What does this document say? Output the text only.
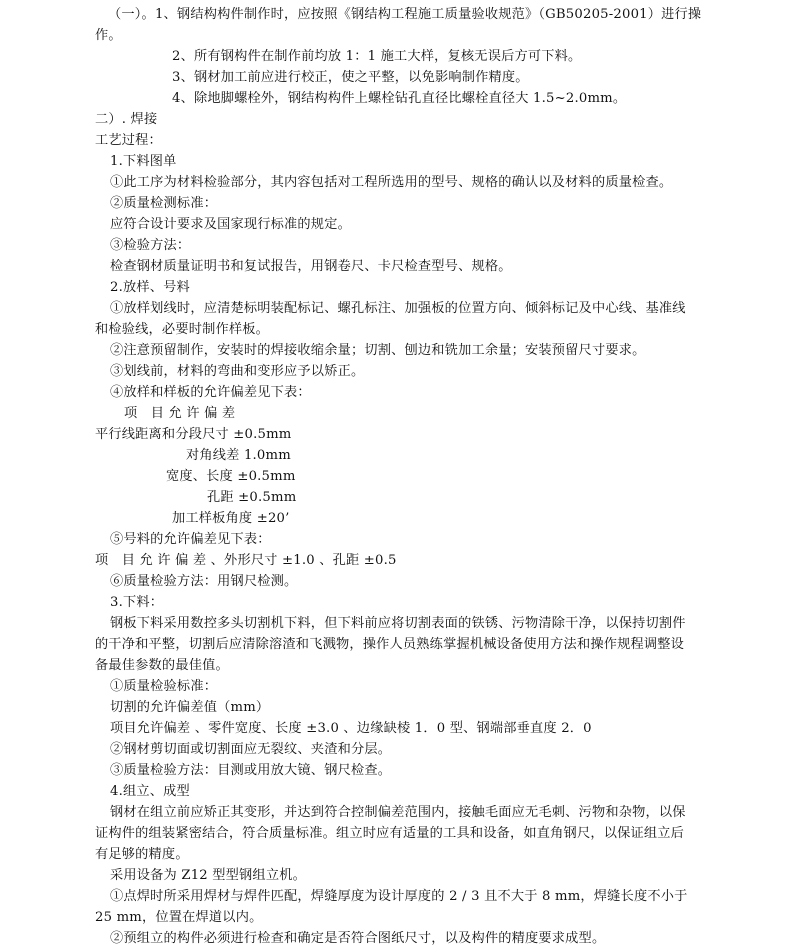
（一）。1、钢结构构件制作时，应按照《钢结构工程施工质量验收规范》（GB50205-2001）进行操
作。
2、所有钢构件在制作前均放 1：1 施工大样，复核无误后方可下料。
3、钢材加工前应进行校正，使之平整，以免影响制作精度。
4、除地脚螺栓外，钢结构构件上螺栓钻孔直径比螺栓直径大 1.5~2.0mm。
二）. 焊接
工艺过程：
1.下料图单
①此工序为材料检验部分，其内容包括对工程所选用的型号、规格的确认以及材料的质量检查。
②质量检测标准：
应符合设计要求及国家现行标准的规定。
③检验方法：
检查钢材质量证明书和复试报告，用钢卷尺、卡尺检查型号、规格。
2.放样、号料
①放样划线时，应清楚标明装配标记、螺孔标注、加强板的位置方向、倾斜标记及中心线、基准线
和检验线，必要时制作样板。
②注意预留制作，安装时的焊接收缩余量；切割、刨边和铣加工余量；安装预留尺寸要求。
③划线前，材料的弯曲和变形应予以矫正。
④放样和样板的允许偏差见下表：
项　目 允 许 偏 差
平行线距离和分段尺寸 ±0.5mm
对角线差 1.0mm
宽度、长度 ±0.5mm
孔距 ±0.5mm
加工样板角度 ±20’
⑤号料的允许偏差见下表：
项　目 允 许 偏 差 、外形尺寸 ±1.0 、孔距 ±0.5
⑥质量检验方法：用钢尺检测。
3.下料：
钢板下料采用数控多头切割机下料，但下料前应将切割表面的铁锈、污物清除干净，以保持切割件
的干净和平整，切割后应清除溶渣和飞溅物，操作人员熟练掌握机械设备使用方法和操作规程调整设
备最佳参数的最佳值。
①质量检验标准：
切割的允许偏差值（mm）
项目允许偏差 、零件宽度、长度 ±3.0 、边缘缺棱 1．0 型、钢端部垂直度 2．0
②钢材剪切面或切割面应无裂纹、夹渣和分层。
③质量检验方法：目测或用放大镜、钢尺检查。
4.组立、成型
钢材在组立前应矫正其变形，并达到符合控制偏差范围内，接触毛面应无毛刺、污物和杂物，以保
证构件的组装紧密结合，符合质量标准。组立时应有适量的工具和设备，如直角钢尺，以保证组立后
有足够的精度。
采用设备为 Z12 型型钢组立机。
①点焊时所采用焊材与焊件匹配，焊缝厚度为设计厚度的 2 / 3 且不大于 8 mm，焊缝长度不小于
25 mm，位置在焊道以内。
②预组立的构件必须进行检查和确定是否符合图纸尺寸，以及构件的精度要求成型。
